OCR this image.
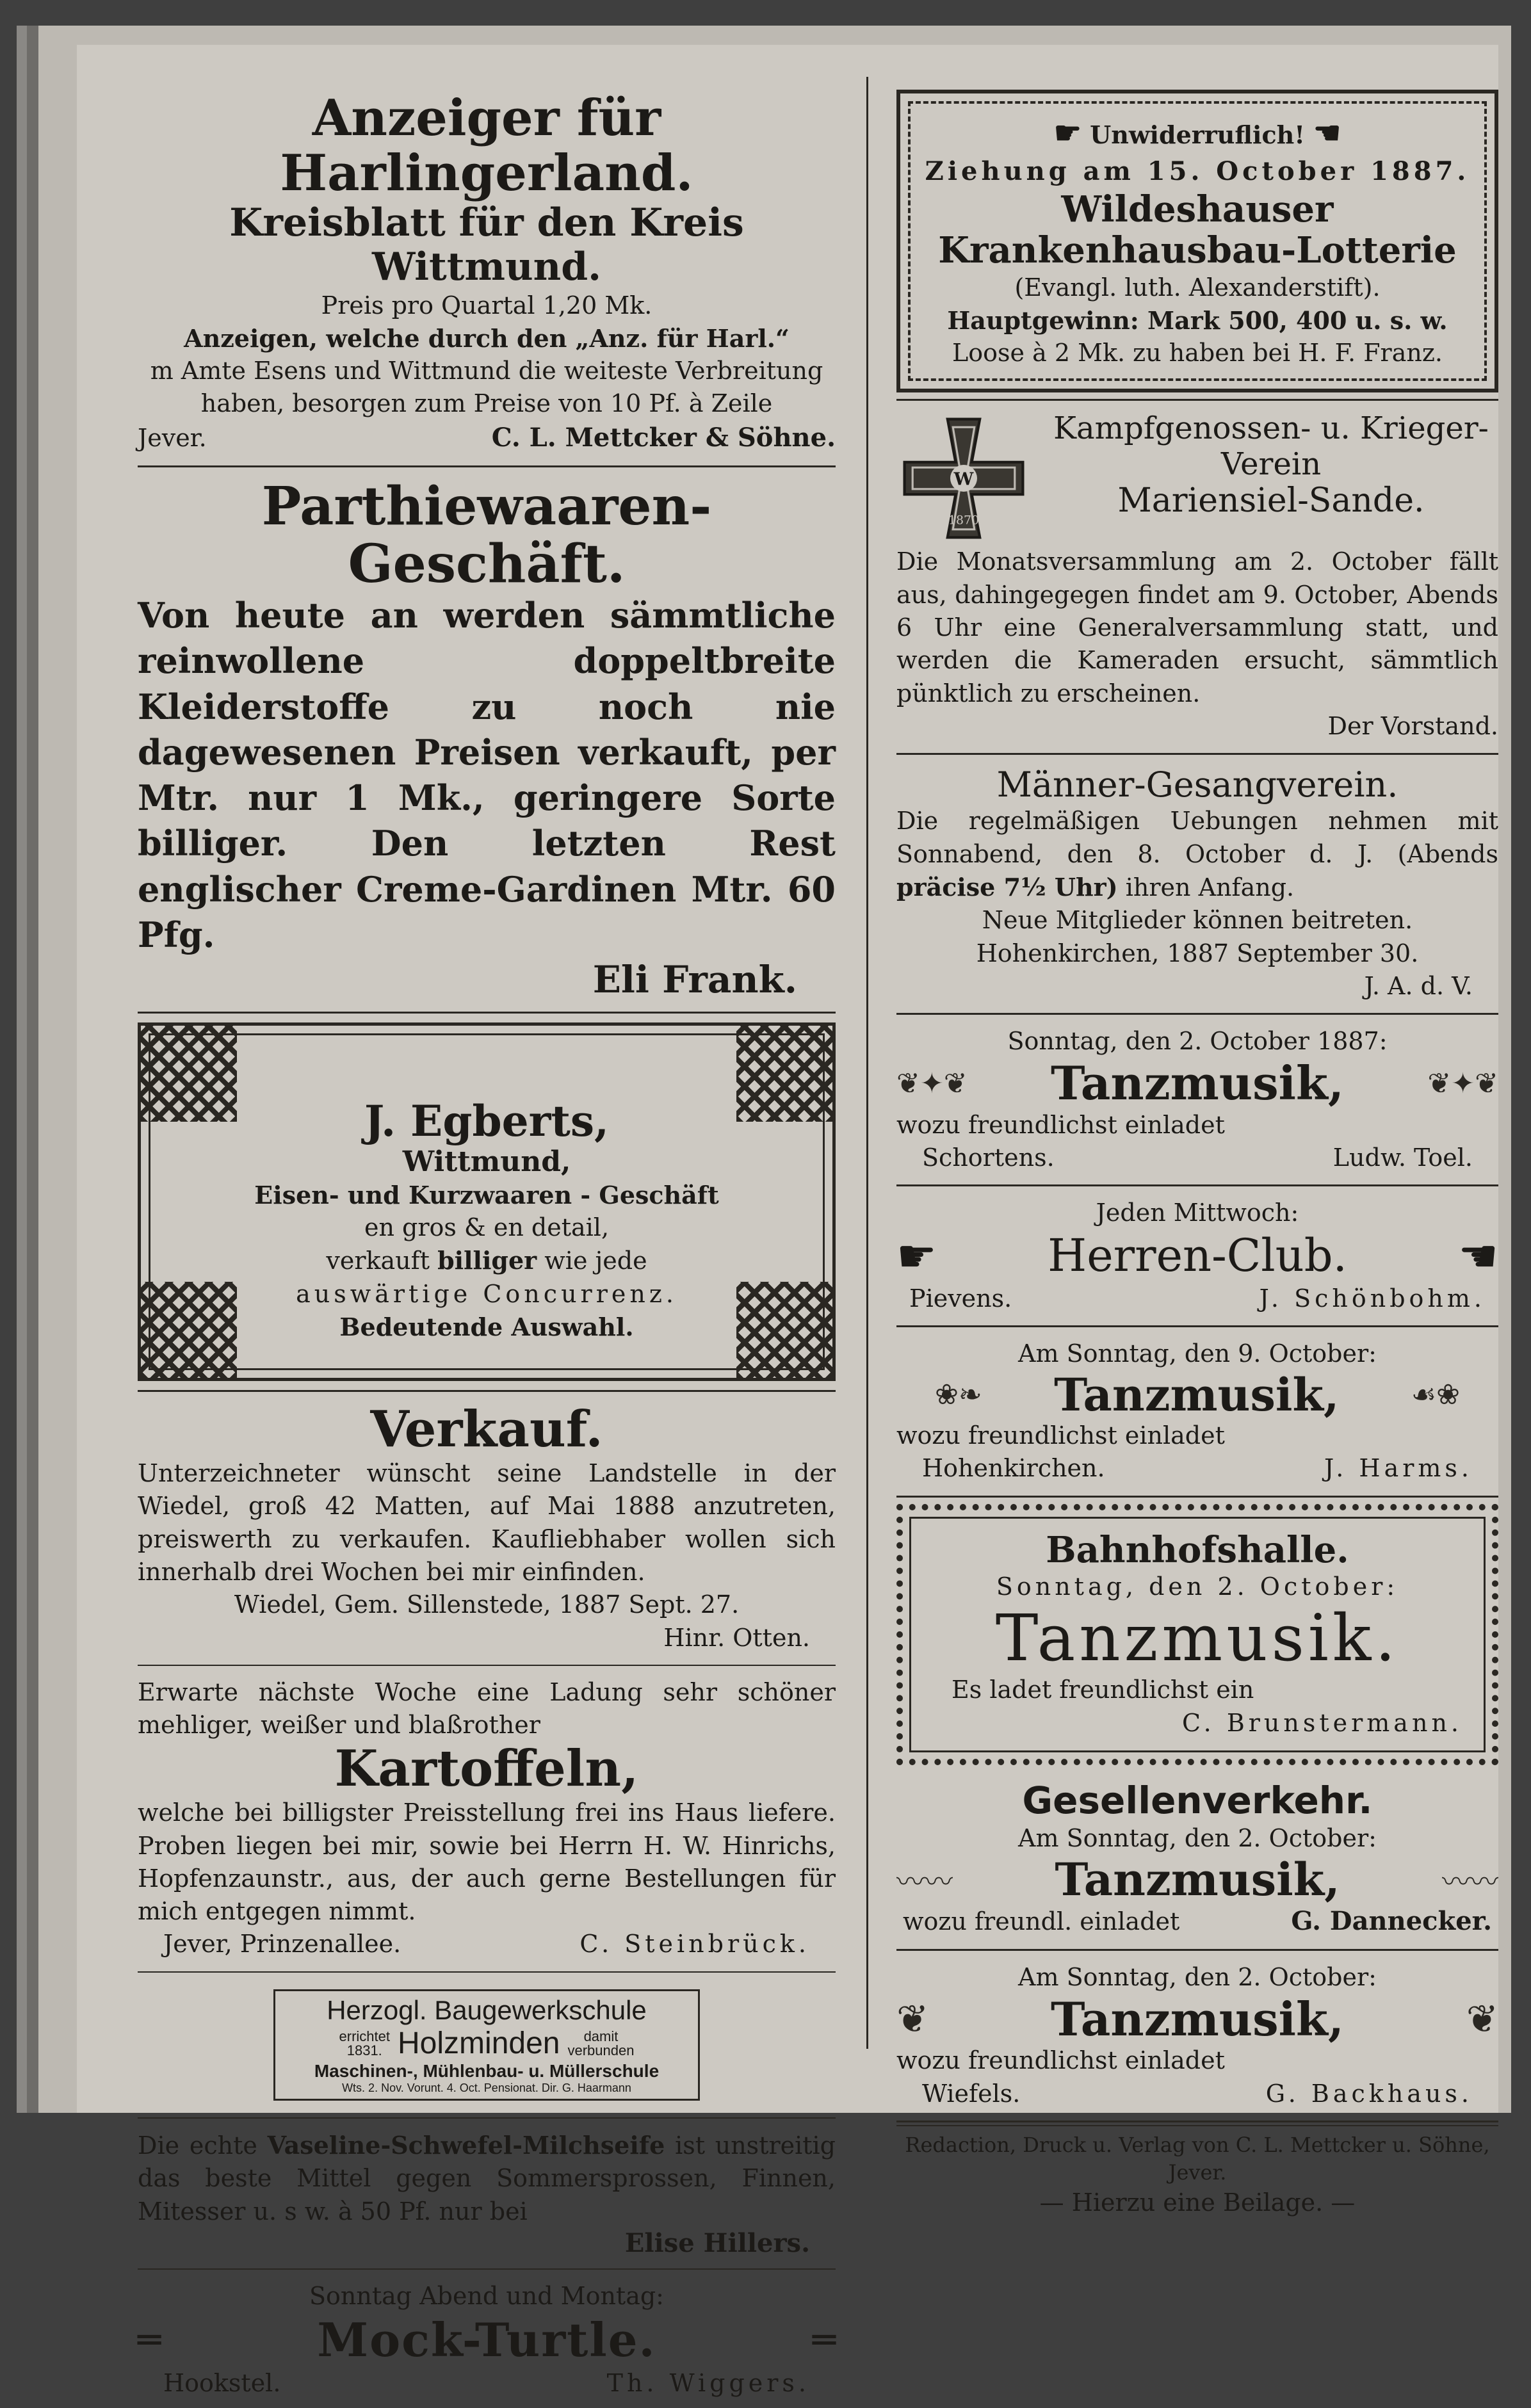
Anzeiger für Harlingerland.
Kreisblatt für den Kreis Wittmund.
Preis pro Quartal 1,20 Mk.
Anzeigen, welche durch den „Anz. für Harl.“
m Amte Esens und Wittmund die weiteste Verbreitung
haben, besorgen zum Preise von 10 Pf. à Zeile
Jever.	C. L. Mettcker & Söhne.
Parthiewaaren-Geschäft.
Von heute an werden sämmtliche reinwollene doppeltbreite Kleiderstoffe zu noch nie dagewesenen Preisen verkauft, per Mtr. nur 1 Mk., geringere Sorte billiger. Den letzten Rest englischer Creme-Gardinen Mtr. 60 Pfg.
Eli Frank.
J. Egberts,
Wittmund,
Eisen- und Kurzwaaren - Geschäft
en gros & en detail,
verkauft billiger wie jede
auswärtige Concurrenz.
Bedeutende Auswahl.
Verkauf.
Unterzeichneter wünscht seine Landstelle in der Wiedel, groß 42 Matten, auf Mai 1888 anzutreten, preiswerth zu verkaufen. Kaufliebhaber wollen sich innerhalb drei Wochen bei mir einfinden.
Wiedel, Gem. Sillenstede, 1887 Sept. 27.
Hinr. Otten.
Erwarte nächste Woche eine Ladung sehr schöner mehliger, weißer und blaßrother
Kartoffeln,
welche bei billigster Preisstellung frei ins Haus liefere. Proben liegen bei mir, sowie bei Herrn H. W. Hinrichs, Hopfenzaunstr., aus, der auch gerne Bestellungen für mich entgegen nimmt.
Jever, Prinzenallee.	C. Steinbrück.
Herzogl. Baugewerkschule
errichtet
1831. Holzminden	damit
verbunden
Maschinen-, Mühlenbau- u. Müllerschule
Wts. 2. Nov. Vorunt. 4. Oct. Pensionat. Dir. G. Haarmann
Die echte Vaseline-Schwefel-Milchseife ist unstreitig das beste Mittel gegen Sommersprossen, Finnen, Mitesser u. s w. à 50 Pf. nur bei
Elise Hillers.
Sonntag Abend und Montag:
═	Mock-Turtle.	═
Hookstel.	Th. Wiggers.
☛ Unwiderruflich! ☚
Ziehung am 15. October 1887.
Wildeshauser
Krankenhausbau-Lotterie
(Evangl. luth. Alexanderstift).
Hauptgewinn: Mark 500, 400 u. s. w.
Loose à 2 Mk. zu haben bei H. F. Franz.
W
1870
Kampfgenossen- u. Krieger-
Verein
Mariensiel-Sande.
Die Monatsversammlung am 2. October fällt aus, dahingegegen findet am 9. October, Abends 6 Uhr eine Generalversammlung statt, und werden die Kameraden ersucht, sämmtlich pünktlich zu erscheinen.
Der Vorstand.
Männer-Gesangverein.
Die regelmäßigen Uebungen nehmen mit Sonnabend, den 8. October d. J. (Abends präcise 7½ Uhr) ihren Anfang.
Neue Mitglieder können beitreten.
Hohenkirchen, 1887 September 30.
J. A. d. V.
Sonntag, den 2. October 1887:
❦✦❦ Tanzmusik,	❦✦❦
wozu freundlichst einladet
Schortens.	Ludw. Toel.
Jeden Mittwoch:
☛ Herren-Club. ☚
Pievens.	J. Schönbohm.
Am Sonntag, den 9. October:
❀❧ Tanzmusik,	☙❀
wozu freundlichst einladet
Hohenkirchen.	J. Harms.
Bahnhofshalle.
Sonntag, den 2. October:
Tanzmusik.
Es ladet freundlichst ein
C. Brunstermann.
Gesellenverkehr.
Am Sonntag, den 2. October:
〰〰 Tanzmusik,	〰〰
wozu freundl. einladet	G. Dannecker.
Am Sonntag, den 2. October:
❦	Tanzmusik,	❦
wozu freundlichst einladet
Wiefels.	G. Backhaus.
Redaction, Druck u. Verlag von C. L. Mettcker u. Söhne, Jever.
— Hierzu eine Beilage. —
